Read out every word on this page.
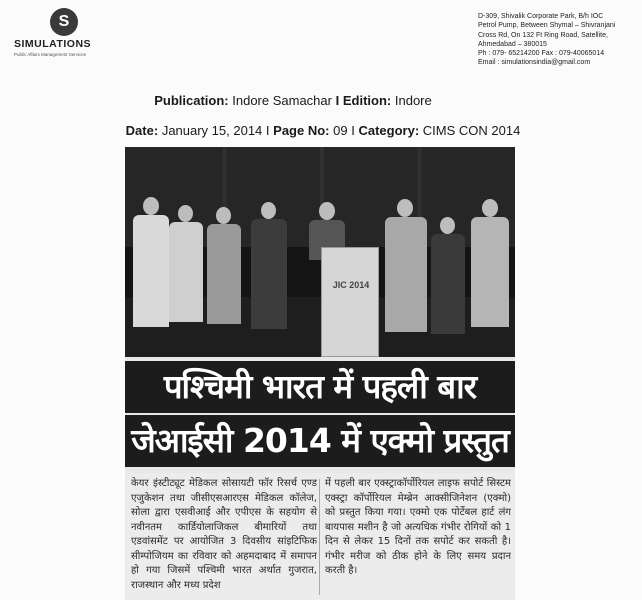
S
SIMULATIONS
Public Affairs Management Services
D-309, Shivalik Corporate Park, B/h IOC
Petrol Pump, Between Shymal – Shivranjani
Cross Rd, On 132 Ft Ring Road, Satellite,
Ahmedabad – 380015
Ph : 079- 65214200 Fax : 079-40065014
Email : simulationsindia@gmail.com
Publication: Indore Samachar I Edition: Indore
Date: January 15, 2014 I Page No: 09 I Category: CIMS CON 2014
JIC 2014
पश्चिमी भारत में पहली बार
जेआईसी 2014 में एक्मो प्रस्तुत
केयर इंस्टीट्यूट मेडिकल सोसायटी फॉर रिसर्च एण्ड एजुकेशन तथा जीसीएसआरएस मेडिकल कॉलेज, सोला द्वारा एसवीआई और एपीएस के सहयोग से नवीनतम कार्डियोलाजिकल बीमारियों तथा एडवांसमेंट पर आयोजित 3 दिवसीय सांइटिफिक सीम्पोजियम का रविवार को अहमदाबाद में समापन हो गया जिसमें पश्चिमी भारत अर्थात गुजरात, राजस्थान और मध्य प्रदेश
में पहली बार एक्स्ट्राकॉर्पोरियल लाइफ सपोर्ट सिस्टम एक्स्ट्रा कॉर्पोरियल मेम्ब्रेन आक्सीजिनेशन (एक्मो) को प्रस्तुत किया गया। एक्मो एक पोर्टेबल हार्ट लंग बायपास मशीन है जो अत्यधिक गंभीर रोगियों को 1 दिन से लेकर 15 दिनों तक सपोर्ट कर सकती है। गंभीर मरीज को ठीक होने के लिए समय प्रदान करती है।
